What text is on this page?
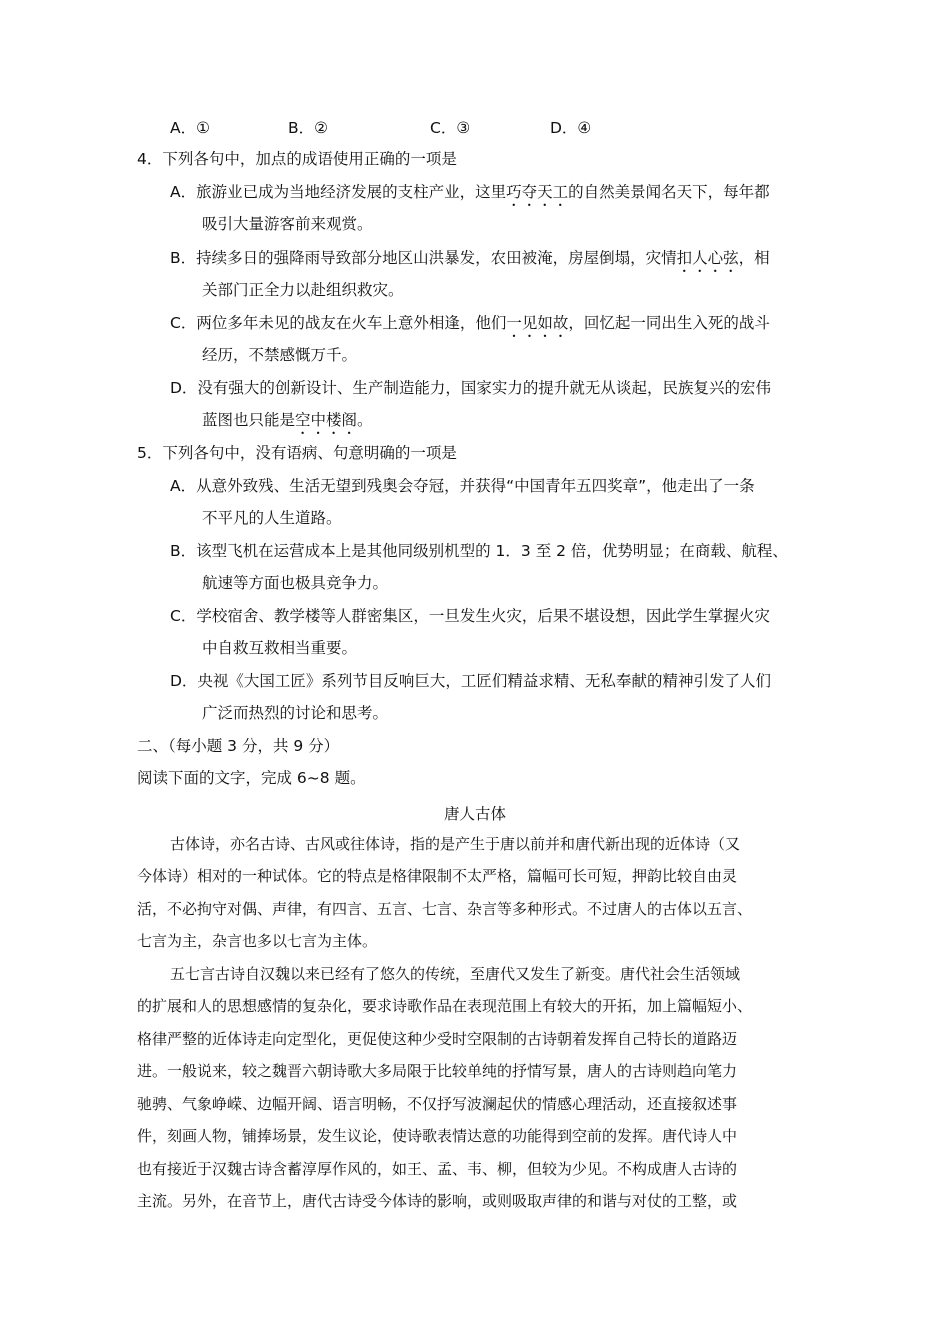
A．①	B．②	C．③	D．④
4．下列各句中，加点的成语使用正确的一项是
A．旅游业已成为当地经济发展的支柱产业，这里巧夺天工的自然美景闻名天下，每年都
吸引大量游客前来观赏。
B．持续多日的强降雨导致部分地区山洪暴发，农田被淹，房屋倒塌，灾情扣人心弦，相
关部门正全力以赴组织救灾。
C．两位多年未见的战友在火车上意外相逢，他们一见如故，回忆起一同出生入死的战斗
经历，不禁感慨万千。
D．没有强大的创新设计、生产制造能力，国家实力的提升就无从谈起，民族复兴的宏伟
蓝图也只能是空中楼阁。
5．下列各句中，没有语病、句意明确的一项是
A．从意外致残、生活无望到残奥会夺冠，并获得“中国青年五四奖章”，他走出了一条
不平凡的人生道路。
B．该型飞机在运营成本上是其他同级别机型的 1．3 至 2 倍，优势明显；在商载、航程、
航速等方面也极具竞争力。
C．学校宿舍、教学楼等人群密集区，一旦发生火灾，后果不堪设想，因此学生掌握火灾
中自救互救相当重要。
D．央视《大国工匠》系列节目反响巨大，工匠们精益求精、无私奉献的精神引发了人们
广泛而热烈的讨论和思考。
二、（每小题 3 分，共 9 分）
阅读下面的文字，完成 6~8 题。
唐人古体
古体诗，亦名古诗、古风或往体诗，指的是产生于唐以前并和唐代新出现的近体诗（又
今体诗）相对的一种试体。它的特点是格律限制不太严格，篇幅可长可短，押韵比较自由灵
活，不必拘守对偶、声律，有四言、五言、七言、杂言等多种形式。不过唐人的古体以五言、
七言为主，杂言也多以七言为主体。
五七言古诗自汉魏以来已经有了悠久的传统，至唐代又发生了新变。唐代社会生活领域
的扩展和人的思想感情的复杂化，要求诗歌作品在表现范围上有较大的开拓，加上篇幅短小、
格律严整的近体诗走向定型化，更促使这种少受时空限制的古诗朝着发挥自己特长的道路迈
进。一般说来，较之魏晋六朝诗歌大多局限于比较单纯的抒情写景，唐人的古诗则趋向笔力
驰骋、气象峥嵘、边幅开阔、语言明畅，不仅抒写波澜起伏的情感心理活动，还直接叙述事
件，刻画人物，铺捧场景，发生议论，使诗歌表情达意的功能得到空前的发挥。唐代诗人中
也有接近于汉魏古诗含蓄淳厚作风的，如王、孟、韦、柳，但较为少见。不构成唐人古诗的
主流。另外，在音节上，唐代古诗受今体诗的影响，或则吸取声律的和谐与对仗的工整，或
